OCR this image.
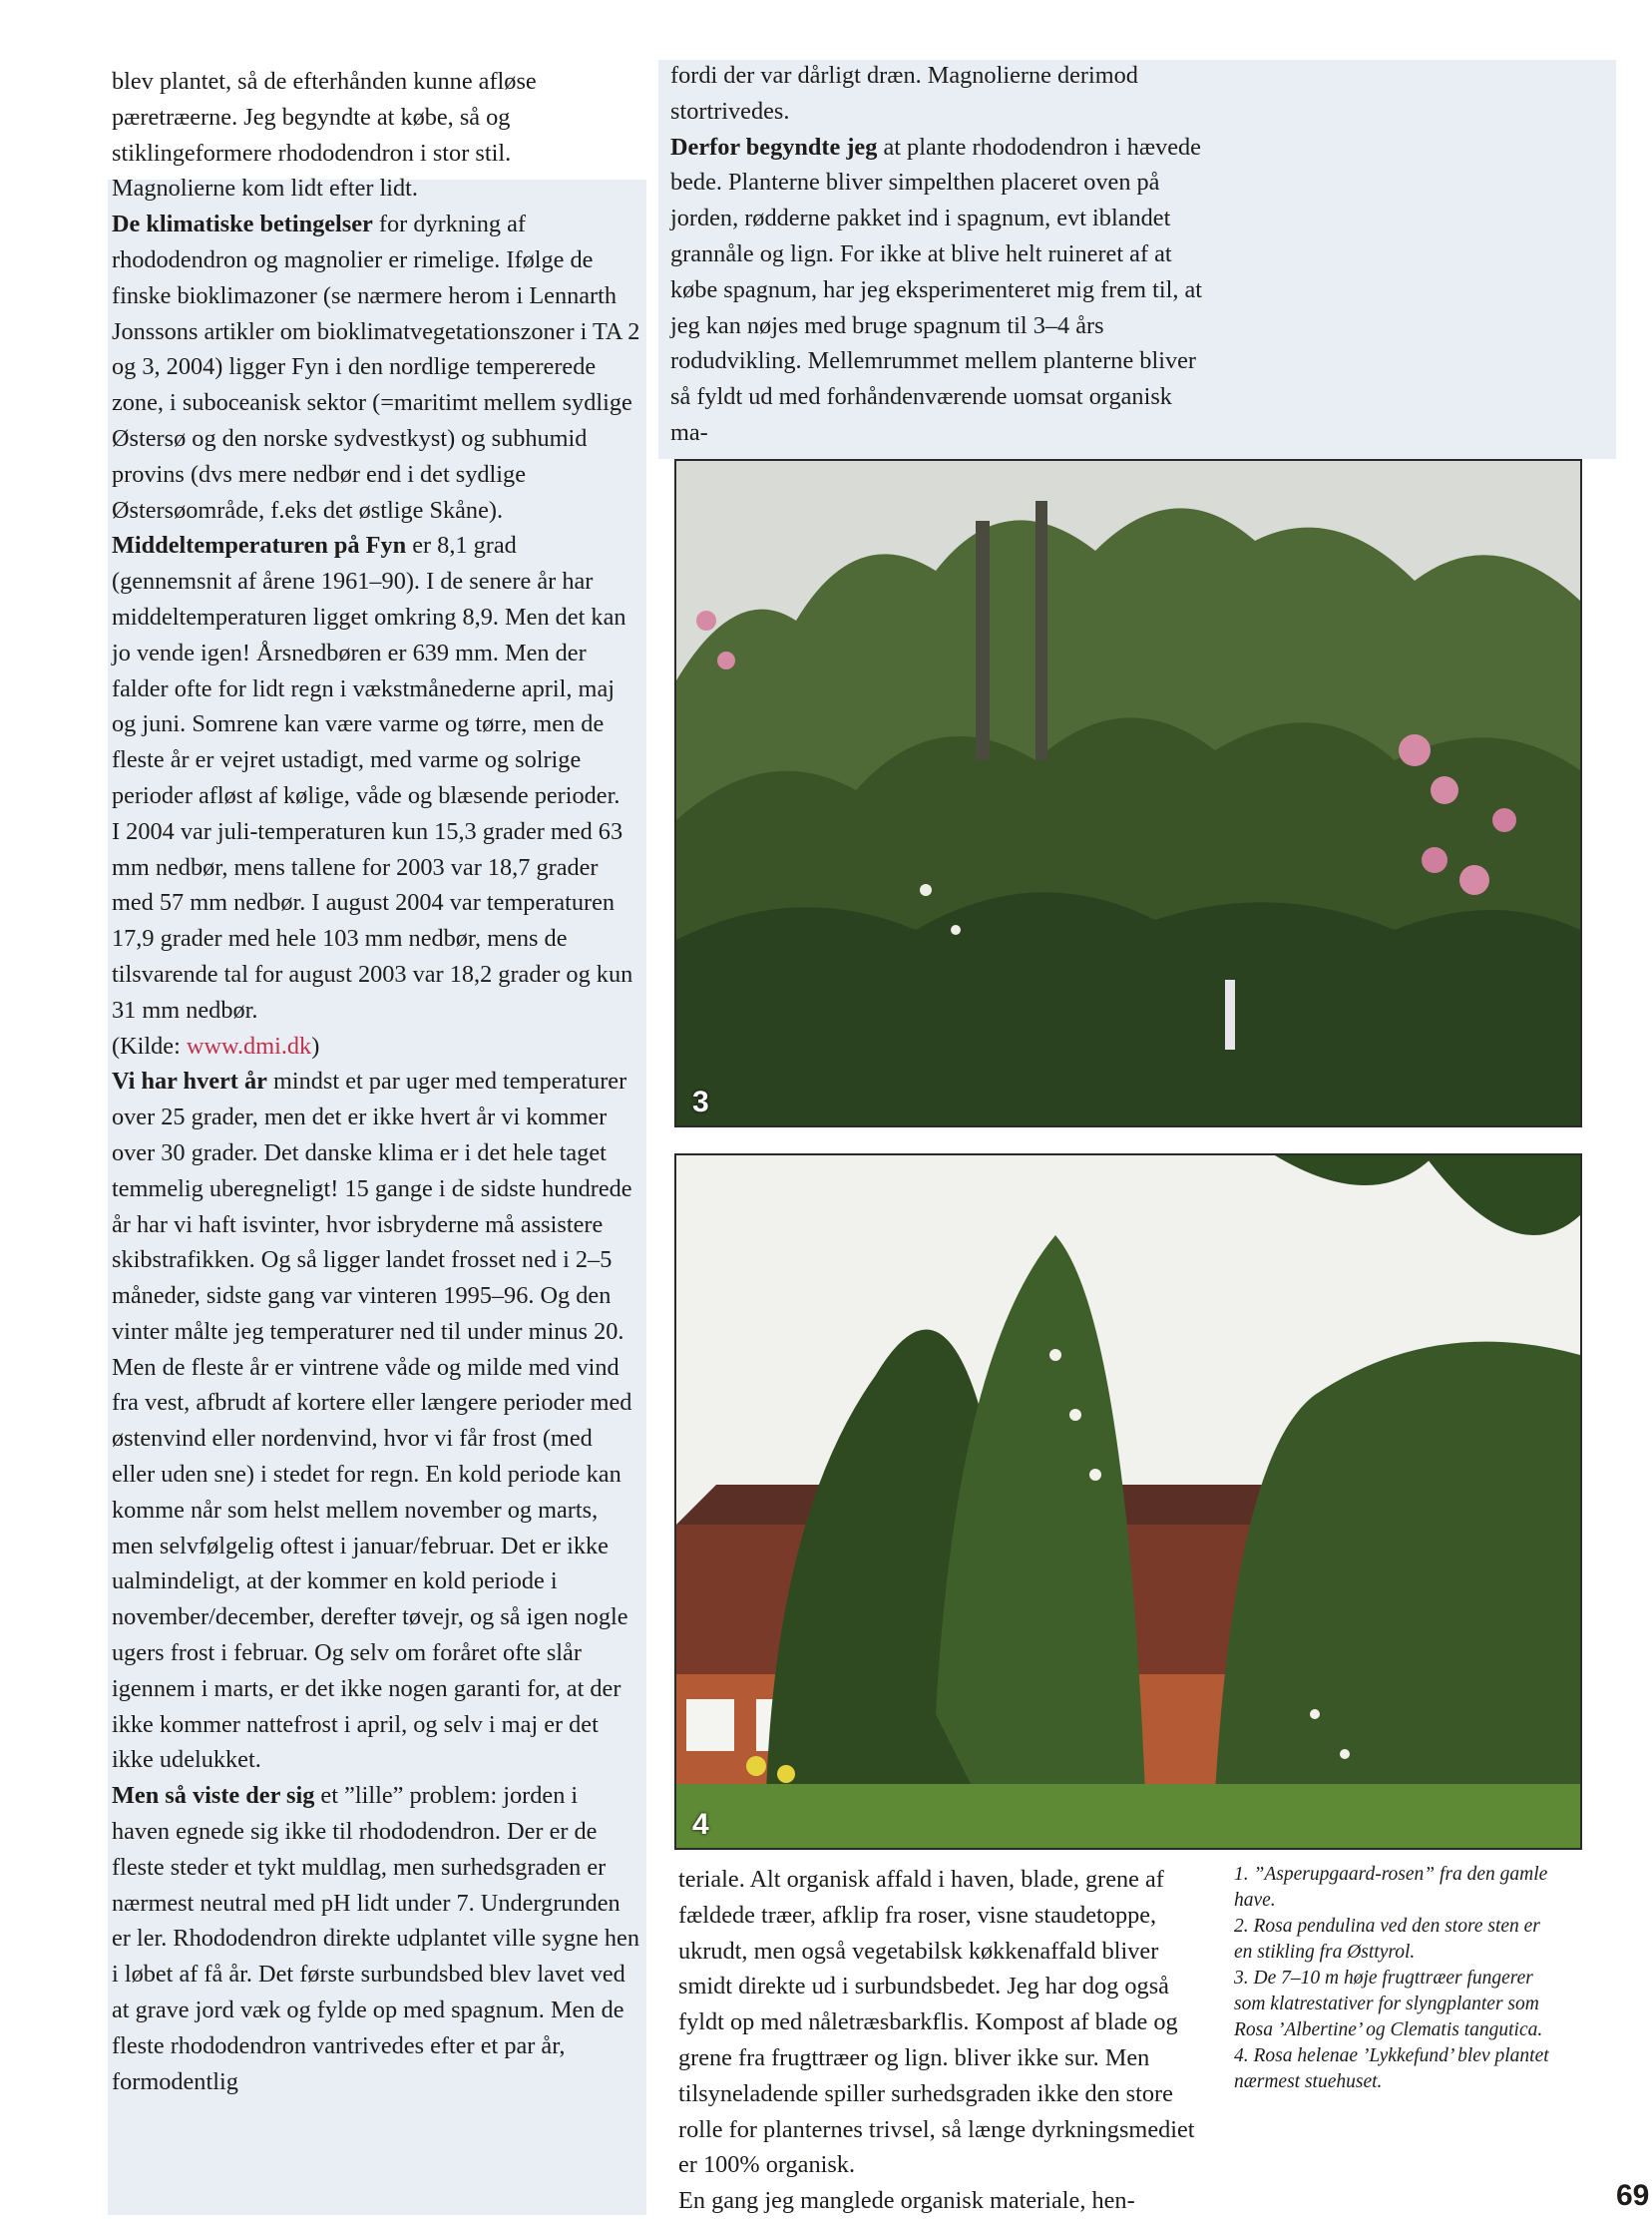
blev plantet, så de efterhånden kunne afløse pæretræerne. Jeg begyndte at købe, så og stiklingeformere rhododendron i stor stil. Magnolierne kom lidt efter lidt.

De klimatiske betingelser for dyrkning af rhododendron og magnolier er rimelige. Ifølge de finske bioklimazoner (se nærmere herom i Lennarth Jonssons artikler om bioklimatvegetationszoner i TA 2 og 3, 2004) ligger Fyn i den nordlige tempererede zone, i suboceanisk sektor (=maritimt mellem sydlige Østersø og den norske sydvestkyst) og subhumid provins (dvs mere nedbør end i det sydlige Østersøområde, f.eks det østlige Skåne).

Middeltemperaturen på Fyn er 8,1 grad (gennemsnit af årene 1961–90). I de senere år har middeltemperaturen ligget omkring 8,9. Men det kan jo vende igen! Årsnedbøren er 639 mm. Men der falder ofte for lidt regn i vækstmånederne april, maj og juni. Somrene kan være varme og tørre, men de fleste år er vejret ustadigt, med varme og solrige perioder afløst af kølige, våde og blæsende perioder.

I 2004 var juli-temperaturen kun 15,3 grader med 63 mm nedbør, mens tallene for 2003 var 18,7 grader med 57 mm nedbør. I august 2004 var temperaturen 17,9 grader med hele 103 mm nedbør, mens de tilsvarende tal for august 2003 var 18,2 grader og kun 31 mm nedbør.

(Kilde: www.dmi.dk)

Vi har hvert år mindst et par uger med temperaturer over 25 grader, men det er ikke hvert år vi kommer over 30 grader. Det danske klima er i det hele taget temmelig uberegneligt! 15 gange i de sidste hundrede år har vi haft isvinter, hvor isbryderne må assistere skibstrafikken. Og så ligger landet frosset ned i 2–5 måneder, sidste gang var vinteren 1995–96. Og den vinter målte jeg temperaturer ned til under minus 20. Men de fleste år er vintrene våde og milde med vind fra vest, afbrudt af kortere eller længere perioder med østenvind eller nordenvind, hvor vi får frost (med eller uden sne) i stedet for regn. En kold periode kan komme når som helst mellem november og marts, men selvfølgelig oftest i januar/februar. Det er ikke ualmindeligt, at der kommer en kold periode i november/december, derefter tøvejr, og så igen nogle ugers frost i februar. Og selv om foråret ofte slår igennem i marts, er det ikke nogen garanti for, at der ikke kommer nattefrost i april, og selv i maj er det ikke udelukket.

Men så viste der sig et ”lille” problem: jorden i haven egnede sig ikke til rhododendron. Der er de fleste steder et tykt muldlag, men surhedsgraden er nærmest neutral med pH lidt under 7. Undergrunden er ler. Rhododendron direkte udplantet ville sygne hen i løbet af få år. Det første surbundsbed blev lavet ved at grave jord væk og fylde op med spagnum. Men de fleste rhododendron vantrivedes efter et par år, formodentlig

fordi der var dårligt dræn. Magnolierne derimod stortrivedes.

Derfor begyndte jeg at plante rhododendron i hævede bede. Planterne bliver simpelthen placeret oven på jorden, rødderne pakket ind i spagnum, evt iblandet grannåle og lign. For ikke at blive helt ruineret af at købe spagnum, har jeg eksperimenteret mig frem til, at jeg kan nøjes med bruge spagnum til 3–4 års rodudvikling. Mellemrummet mellem planterne bliver så fyldt ud med forhåndenværende uomsat organisk ma-

3
4

teriale. Alt organisk affald i haven, blade, grene af fældede træer, afklip fra roser, visne staudetoppe, ukrudt, men også vegetabilsk køkkenaffald bliver smidt direkte ud i surbundsbedet. Jeg har dog også fyldt op med nåletræsbarkflis. Kompost af blade og grene fra frugttræer og lign. bliver ikke sur. Men tilsyneladende spiller surhedsgraden ikke den store rolle for planternes trivsel, så længe dyrkningsmediet er 100% organisk.

En gang jeg manglede organisk materiale, hen-

1. ”Asperupgaard-rosen” fra den gamle have.

2. Rosa pendulina ved den store sten er en stikling fra Østtyrol.

3. De 7–10 m høje frugttræer fungerer som klatrestativer for slyngplanter som Rosa ’Albertine’ og Clematis tangutica.

4. Rosa helenae ’Lykkefund’ blev plantet nærmest stuehuset.

69
